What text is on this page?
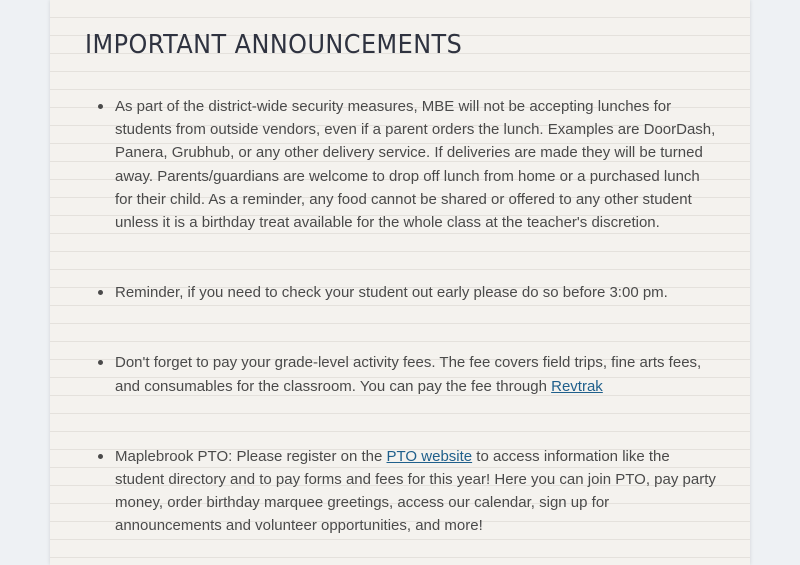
IMPORTANT ANNOUNCEMENTS
As part of the district-wide security measures, MBE will not be accepting lunches for students from outside vendors, even if a parent orders the lunch. Examples are DoorDash, Panera, Grubhub, or any other delivery service. If deliveries are made they will be turned away. Parents/guardians are welcome to drop off lunch from home or a purchased lunch for their child. As a reminder, any food cannot be shared or offered to any other student unless it is a birthday treat available for the whole class at the teacher's discretion.
Reminder, if you need to check your student out early please do so before 3:00 pm.
Don't forget to pay your grade-level activity fees. The fee covers field trips, fine arts fees, and consumables for the classroom. You can pay the fee through Revtrak
Maplebrook PTO: Please register on the PTO website to access information like the student directory and to pay forms and fees for this year! Here you can join PTO, pay party money, order birthday marquee greetings, access our calendar, sign up for announcements and volunteer opportunities, and more!
